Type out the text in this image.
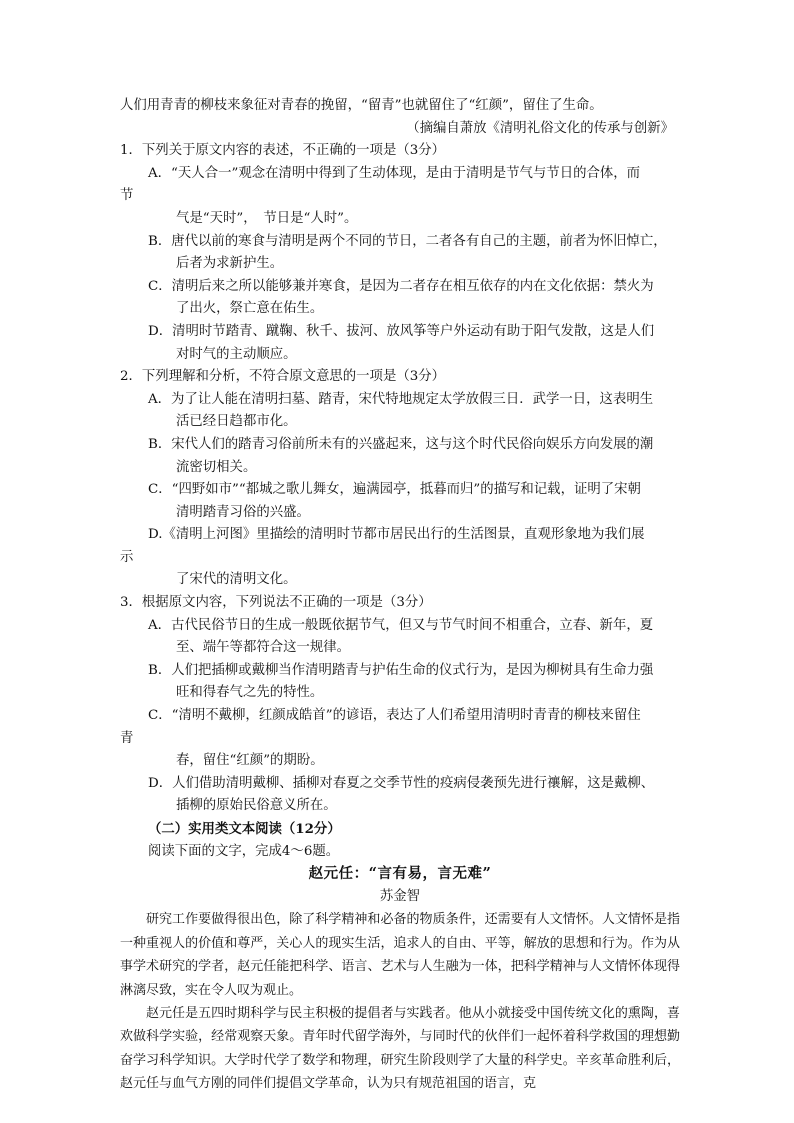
人们用青青的柳枝来象征对青春的挽留，“留青”也就留住了“红颜”，留住了生命。
（摘编自萧放《清明礼俗文化的传承与创新》
1．下列关于原文内容的表述，不正确的一项是（3分）
A．“天人合一”观念在清明中得到了生动体现，是由于清明是节气与节日的合体，而
节
气是“天时”，　节日是“人时”。
B．唐代以前的寒食与清明是两个不同的节日，二者各有自己的主题，前者为怀旧悼亡，
后者为求新护生。
C．清明后来之所以能够兼并寒食，是因为二者存在相互依存的内在文化依据：禁火为
了出火，祭亡意在佑生。
D．清明时节踏青、蹴鞠、秋千、拔河、放风筝等户外运动有助于阳气发散，这是人们
对时气的主动顺应。
2．下列理解和分析，不符合原文意思的一项是（3分）
A．为了让人能在清明扫墓、踏青，宋代特地规定太学放假三日．武学一日，这表明生
活已经日趋都市化。
B．宋代人们的踏青习俗前所未有的兴盛起来，这与这个时代民俗向娱乐方向发展的潮
流密切相关。
C．“四野如市”“都城之歌儿舞女，遍满园亭，抵暮而归”的描写和记载，证明了宋朝
清明踏青习俗的兴盛。
D.《清明上河图》里描绘的清明时节都市居民出行的生活图景，直观形象地为我们展
示
了宋代的清明文化。
3．根据原文内容，下列说法不正确的一项是（3分）
A．古代民俗节日的生成一般既依据节气，但又与节气时间不相重合，立春、新年，夏
至、端午等都符合这一规律。
B．人们把插柳或戴柳当作清明踏青与护佑生命的仪式行为，是因为柳树具有生命力强
旺和得春气之先的特性。
C．“清明不戴柳，红颜成皓首”的谚语，表达了人们希望用清明时青青的柳枝来留住
青
春，留住“红颜”的期盼。
D．人们借助清明戴柳、插柳对春夏之交季节性的疫病侵袭预先进行禳解，这是戴柳、
插柳的原始民俗意义所在。
（二）实用类文本阅读（12分）
阅读下面的文字，完成4～6题。
赵元任：“言有易，言无难”
苏金智
研究工作要做得很出色，除了科学精神和必备的物质条件，还需要有人文情怀。人文情怀是指一种重视人的价值和尊严，关心人的现实生活，追求人的自由、平等，解放的思想和行为。作为从事学术研究的学者，赵元任能把科学、语言、艺术与人生融为一体，把科学精神与人文情怀体现得淋漓尽致，实在令人叹为观止。
赵元任是五四时期科学与民主积极的提倡者与实践者。他从小就接受中国传统文化的熏陶，喜欢做科学实验，经常观察天象。青年时代留学海外，与同时代的伙伴们一起怀着科学救国的理想勤奋学习科学知识。大学时代学了数学和物理，研究生阶段则学了大量的科学史。辛亥革命胜利后，赵元任与血气方刚的同伴们提倡文学革命，认为只有规范祖国的语言，克
